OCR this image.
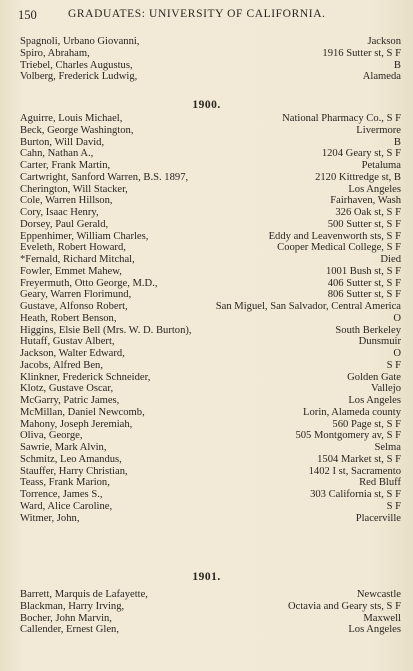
150	GRADUATES: UNIVERSITY OF CALIFORNIA.
Spagnoli, Urbano Giovanni,	Jackson
Spiro, Abraham,	1916 Sutter st, S F
Triebel, Charles Augustus,	B
Volberg, Frederick Ludwig,	Alameda
1900.
Aguirre, Louis Michael,	National Pharmacy Co., S F
Beck, George Washington,	Livermore
Burton, Will David,	B
Cahn, Nathan A.,	1204 Geary st, S F
Carter, Frank Martin,	Petaluma
Cartwright, Sanford Warren, B.S. 1897,	2120 Kittredge st, B
Cherington, Will Stacker,	Los Angeles
Cole, Warren Hillson,	Fairhaven, Wash
Cory, Isaac Henry,	326 Oak st, S F
Dorsey, Paul Gerald,	500 Sutter st, S F
Eppenhimer, William Charles,	Eddy and Leavenworth sts, S F
Eveleth, Robert Howard,	Cooper Medical College, S F
*Fernald, Richard Mitchal,	Died
Fowler, Emmet Mahew,	1001 Bush st, S F
Freyermuth, Otto George, M.D.,	406 Sutter st, S F
Geary, Warren Florimund,	806 Sutter st, S F
Gustave, Alfonso Robert,	San Miguel, San Salvador, Central America
Heath, Robert Benson,	O
Higgins, Elsie Bell (Mrs. W. D. Burton),	South Berkeley
Hutaff, Gustav Albert,	Dunsmuir
Jackson, Walter Edward,	O
Jacobs, Alfred Ben,	S F
Klinkner, Frederick Schneider,	Golden Gate
Klotz, Gustave Oscar,	Vallejo
McGarry, Patric James,	Los Angeles
McMillan, Daniel Newcomb,	Lorin, Alameda county
Mahony, Joseph Jeremiah,	560 Page st, S F
Oliva, George,	505 Montgomery av, S F
Sawrie, Mark Alvin,	Selma
Schmitz, Leo Amandus,	1504 Market st, S F
Stauffer, Harry Christian,	1402 I st, Sacramento
Teass, Frank Marion,	Red Bluff
Torrence, James S.,	303 California st, S F
Ward, Alice Caroline,	S F
Witmer, John,	Placerville
1901.
Barrett, Marquis de Lafayette,	Newcastle
Blackman, Harry Irving,	Octavia and Geary sts, S F
Bocher, John Marvin,	Maxwell
Callender, Ernest Glen,	Los Angeles
